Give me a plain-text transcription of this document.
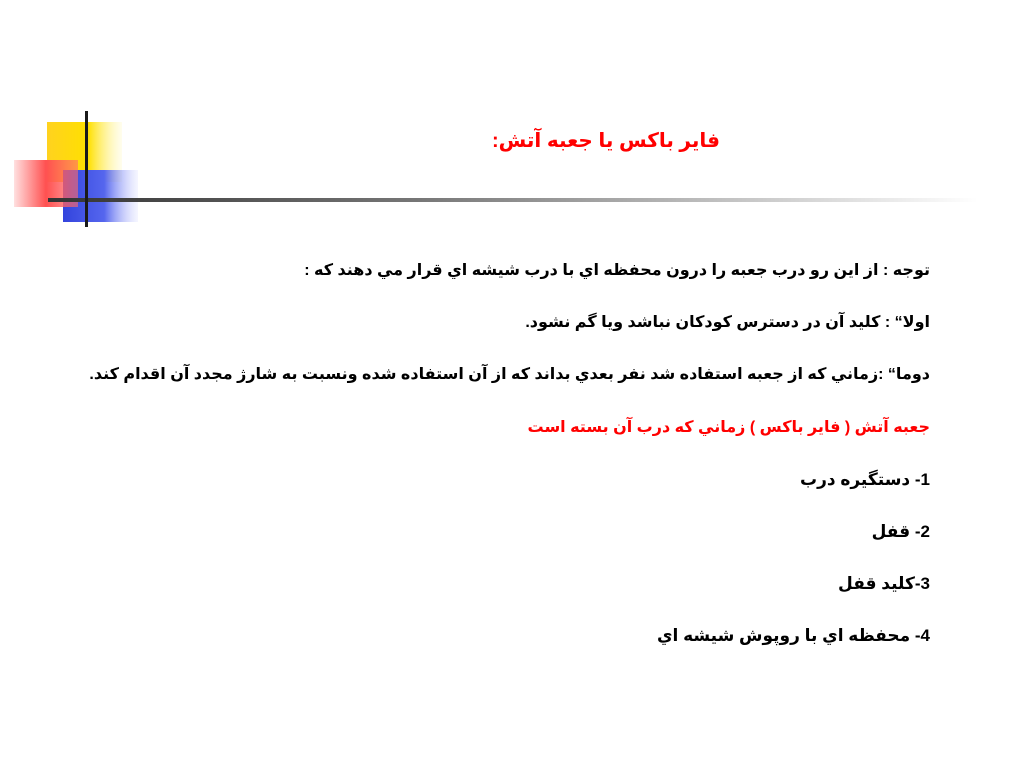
فاير باكس يا جعبه آتش:

توجه : از اين رو درب جعبه را درون محفظه اي با درب شيشه اي قرار مي دهند كه :

اولا“ : كليد آن در دسترس كودكان نباشد ويا گم نشود.

دوما“ :زماني كه از جعبه استفاده شد نفر بعدي بداند كه از آن استفاده شده ونسبت به شارژ مجدد آن اقدام كند.

جعبه آتش ( فاير باكس ) زماني كه درب آن بسته است

1- دستگيره درب

2- قفل

3-كليد قفل

4- محفظه اي با روپوش شيشه اي
